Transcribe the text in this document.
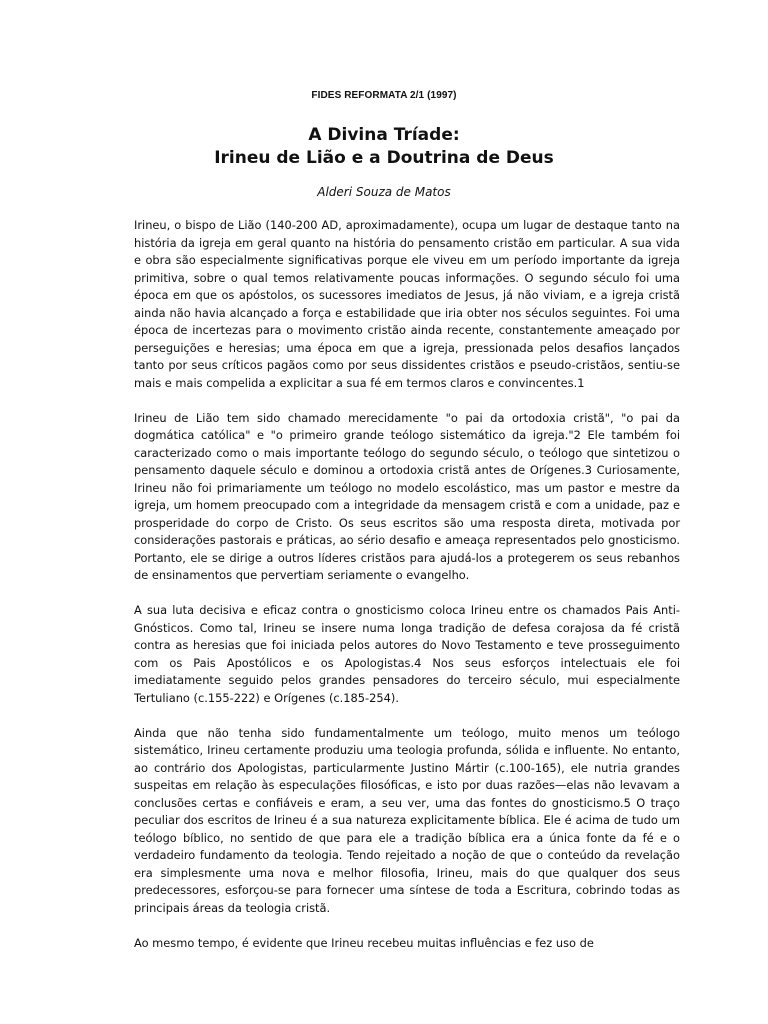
FIDES REFORMATA 2/1 (1997)
A Divina Tríade:
Irineu de Lião e a Doutrina de Deus
Alderi Souza de Matos

Irineu, o bispo de Lião (140-200 AD, aproximadamente), ocupa um lugar de destaque tanto na história da igreja em geral quanto na história do pensamento cristão em particular. A sua vida e obra são especialmente significativas porque ele viveu em um período importante da igreja primitiva, sobre o qual temos relativamente poucas informações. O segundo século foi uma época em que os apóstolos, os sucessores imediatos de Jesus, já não viviam, e a igreja cristã ainda não havia alcançado a força e estabilidade que iria obter nos séculos seguintes. Foi uma época de incertezas para o movimento cristão ainda recente, constantemente ameaçado por perseguições e heresias; uma época em que a igreja, pressionada pelos desafios lançados tanto por seus críticos pagãos como por seus dissidentes cristãos e pseudo-cristãos, sentiu-se mais e mais compelida a explicitar a sua fé em termos claros e convincentes.1

Irineu de Lião tem sido chamado merecidamente "o pai da ortodoxia cristã", "o pai da dogmática católica" e "o primeiro grande teólogo sistemático da igreja."2 Ele também foi caracterizado como o mais importante teólogo do segundo século, o teólogo que sintetizou o pensamento daquele século e dominou a ortodoxia cristã antes de Orígenes.3 Curiosamente, Irineu não foi primariamente um teólogo no modelo escolástico, mas um pastor e mestre da igreja, um homem preocupado com a integridade da mensagem cristã e com a unidade, paz e prosperidade do corpo de Cristo. Os seus escritos são uma resposta direta, motivada por considerações pastorais e práticas, ao sério desafio e ameaça representados pelo gnosticismo. Portanto, ele se dirige a outros líderes cristãos para ajudá-los a protegerem os seus rebanhos de ensinamentos que pervertiam seriamente o evangelho.

A sua luta decisiva e eficaz contra o gnosticismo coloca Irineu entre os chamados Pais Anti-Gnósticos. Como tal, Irineu se insere numa longa tradição de defesa corajosa da fé cristã contra as heresias que foi iniciada pelos autores do Novo Testamento e teve prosseguimento com os Pais Apostólicos e os Apologistas.4 Nos seus esforços intelectuais ele foi imediatamente seguido pelos grandes pensadores do terceiro século, mui especialmente Tertuliano (c.155-222) e Orígenes (c.185-254).

Ainda que não tenha sido fundamentalmente um teólogo, muito menos um teólogo sistemático, Irineu certamente produziu uma teologia profunda, sólida e influente. No entanto, ao contrário dos Apologistas, particularmente Justino Mártir (c.100-165), ele nutria grandes suspeitas em relação às especulações filosóficas, e isto por duas razões—elas não levavam a conclusões certas e confiáveis e eram, a seu ver, uma das fontes do gnosticismo.5 O traço peculiar dos escritos de Irineu é a sua natureza explicitamente bíblica. Ele é acima de tudo um teólogo bíblico, no sentido de que para ele a tradição bíblica era a única fonte da fé e o verdadeiro fundamento da teologia. Tendo rejeitado a noção de que o conteúdo da revelação era simplesmente uma nova e melhor filosofia, Irineu, mais do que qualquer dos seus predecessores, esforçou-se para fornecer uma síntese de toda a Escritura, cobrindo todas as principais áreas da teologia cristã.

Ao mesmo tempo, é evidente que Irineu recebeu muitas influências e fez uso de
